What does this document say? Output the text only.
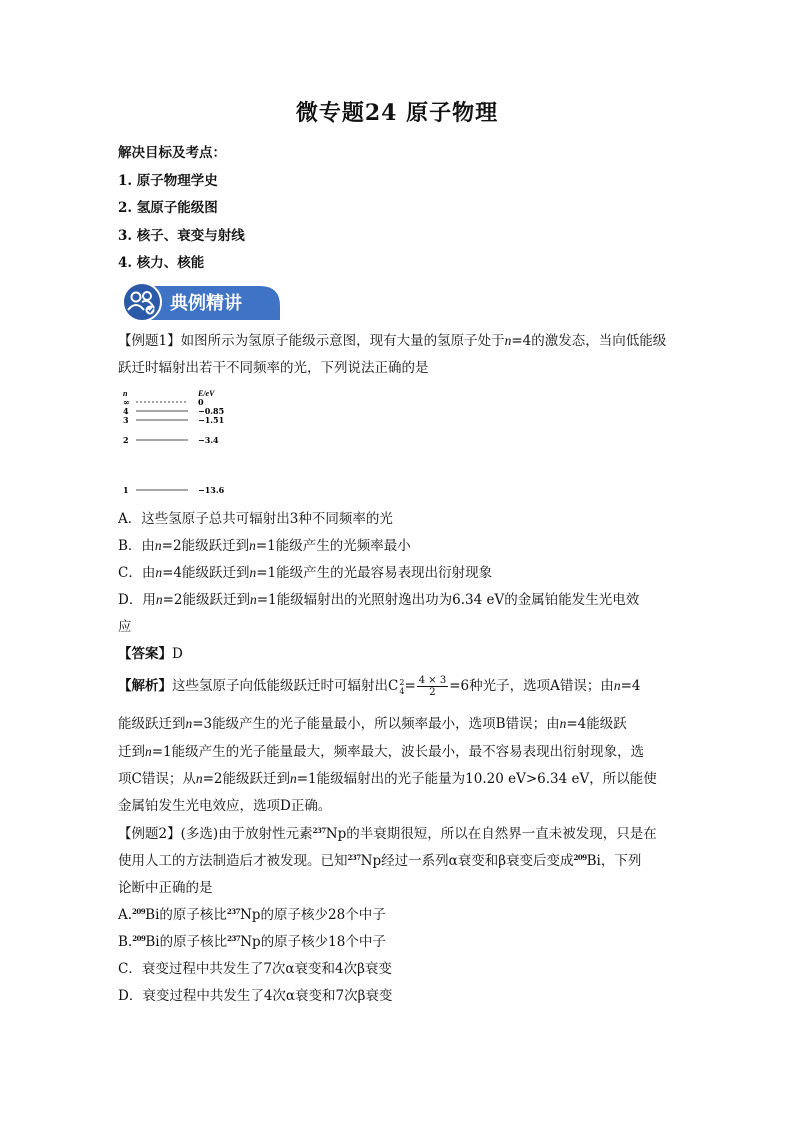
微专题24 原子物理
解决目标及考点：
1. 原子物理学史
2. 氢原子能级图
3. 核子、衰变与射线
4. 核力、核能
典例精讲
【例题1】如图所示为氢原子能级示意图，现有大量的氢原子处于n=4的激发态，当向低能级跃迁时辐射出若干不同频率的光，下列说法正确的是
n	E/eV
∞	0
4	−0.85
3	−1.51
2	−3.4
1	−13.6
A．这些氢原子总共可辐射出3种不同频率的光
B．由n=2能级跃迁到n=1能级产生的光频率最小
C．由n=4能级跃迁到n=1能级产生的光最容易表现出衍射现象
D．用n=2能级跃迁到n=1能级辐射出的光照射逸出功为6.34 eV的金属铂能发生光电效
应
【答案】D
【解析】这些氢原子向低能级跃迁时可辐射出C 2
$4 = \frac{4 \times 3}{2} =6$种光子，选项A错误；由n=4
能级跃迁到n=3能级产生的光子能量最小，所以频率最小，选项B错误；由n=4能级跃
迁到n=1能级产生的光子能量最大，频率最大，波长最小，最不容易表现出衍射现象，选
项C错误；从n=2能级跃迁到n=1能级辐射出的光子能量为10.20 eV>6.34 eV，所以能使
金属铂发生光电效应，选项D正确。
【例题2】(多选)由于放射性元素$^{237}$Np的半衰期很短，所以在自然界一直未被发现，只是在
使用人工的方法制造后才被发现。已知$^{237}$Np经过一系列α衰变和β衰变后变成$^{209}$Bi，下列
论断中正确的是
A.$^{209}$Bi的原子核比$^{237}$Np的原子核少28个中子
B.$^{209}$Bi的原子核比$^{237}$Np的原子核少18个中子
C．衰变过程中共发生了7次α衰变和4次β衰变
D．衰变过程中共发生了4次α衰变和7次β衰变
